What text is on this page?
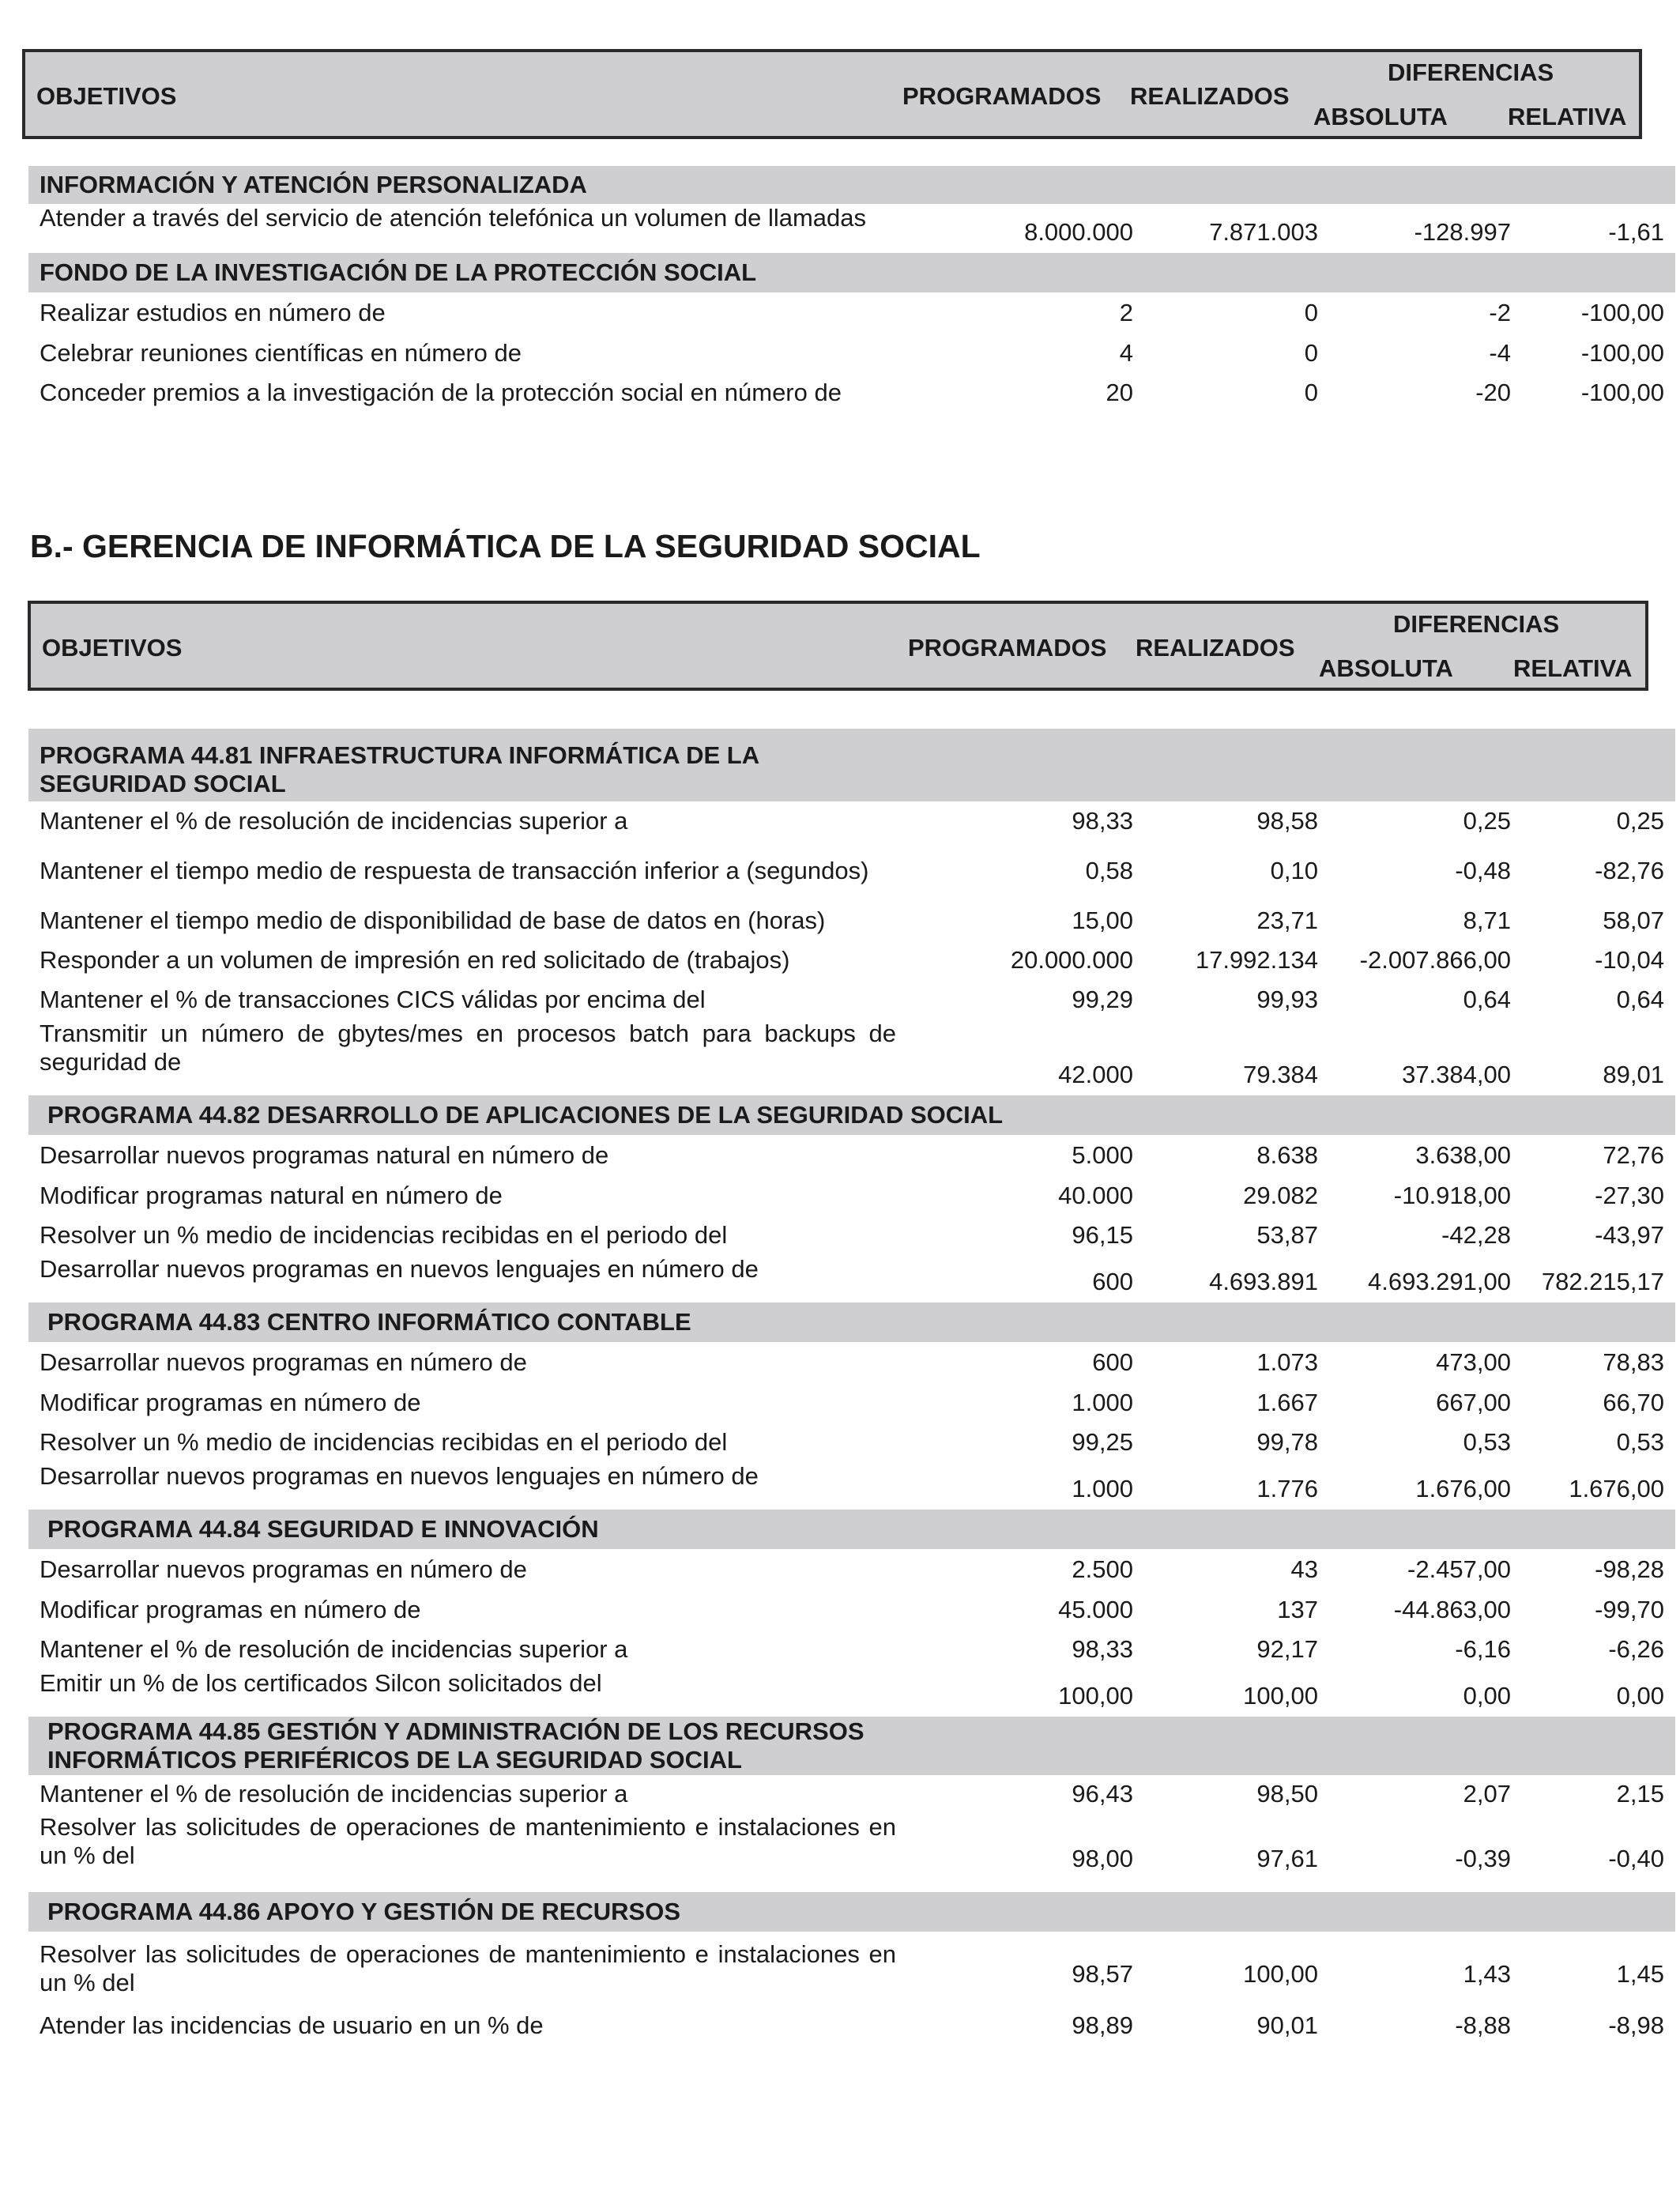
OBJETIVOS	PROGRAMADOS REALIZADOS
DIFERENCIAS
ABSOLUTA RELATIVA
INFORMACIÓN Y ATENCIÓN PERSONALIZADA				
Atender a través del servicio de atención telefónica un volumen de llamadas	8.000.000	7.871.003	-128.997	-1,61
FONDO DE LA INVESTIGACIÓN DE LA PROTECCIÓN SOCIAL				
Realizar estudios en número de	2	0	-2	-100,00
Celebrar reuniones científicas en número de	4	0	-4	-100,00
Conceder premios a la investigación de la protección social en número de	20	0	-20	-100,00
B.- GERENCIA DE INFORMÁTICA DE LA SEGURIDAD SOCIAL
OBJETIVOS	PROGRAMADOS REALIZADOS
DIFERENCIAS
ABSOLUTA RELATIVA
PROGRAMA 44.81 INFRAESTRUCTURA INFORMÁTICA DE LA SEGURIDAD SOCIAL				
Mantener el % de resolución de incidencias superior a	98,33	98,58	0,25	0,25
Mantener el tiempo medio de respuesta de transacción inferior a (segundos)	0,58	0,10	-0,48	-82,76
Mantener el tiempo medio de disponibilidad de base de datos en (horas)	15,00	23,71	8,71	58,07
Responder a un volumen de impresión en red solicitado de (trabajos)	20.000.000	17.992.134	-2.007.866,00	-10,04
Mantener el % de transacciones CICS válidas por encima del	99,29	99,93	0,64	0,64
Transmitir un número de gbytes/mes en procesos batch para backups de seguridad de	42.000	79.384	37.384,00	89,01
PROGRAMA 44.82 DESARROLLO DE APLICACIONES DE LA SEGURIDAD SOCIAL				
Desarrollar nuevos programas natural en número de	5.000	8.638	3.638,00	72,76
Modificar programas natural en número de	40.000	29.082	-10.918,00	-27,30
Resolver un % medio de incidencias recibidas en el periodo del	96,15	53,87	-42,28	-43,97
Desarrollar nuevos programas en nuevos lenguajes en número de	600	4.693.891	4.693.291,00	782.215,17
PROGRAMA 44.83 CENTRO INFORMÁTICO CONTABLE				
Desarrollar nuevos programas en número de	600	1.073	473,00	78,83
Modificar programas en número de	1.000	1.667	667,00	66,70
Resolver un % medio de incidencias recibidas en el periodo del	99,25	99,78	0,53	0,53
Desarrollar nuevos programas en nuevos lenguajes en número de	1.000	1.776	1.676,00	1.676,00
PROGRAMA 44.84 SEGURIDAD E INNOVACIÓN				
Desarrollar nuevos programas en número de	2.500	43	-2.457,00	-98,28
Modificar programas en número de	45.000	137	-44.863,00	-99,70
Mantener el % de resolución de incidencias superior a	98,33	92,17	-6,16	-6,26
Emitir un % de los certificados Silcon solicitados del	100,00	100,00	0,00	0,00

PROGRAMA 44.85 GESTIÓN Y ADMINISTRACIÓN DE LOS RECURSOS INFORMÁTICOS PERIFÉRICOS DE LA SEGURIDAD SOCIAL				

Mantener el % de resolución de incidencias superior a	96,43	98,50	2,07	2,15
Resolver las solicitudes de operaciones de mantenimiento e instalaciones en un % del	98,00	97,61	-0,39	-0,40
PROGRAMA 44.86 APOYO Y GESTIÓN DE RECURSOS				
Resolver las solicitudes de operaciones de mantenimiento e instalaciones en un % del	98,57	100,00	1,43	1,45
Atender las incidencias de usuario en un % de	98,89	90,01	-8,88	-8,98
